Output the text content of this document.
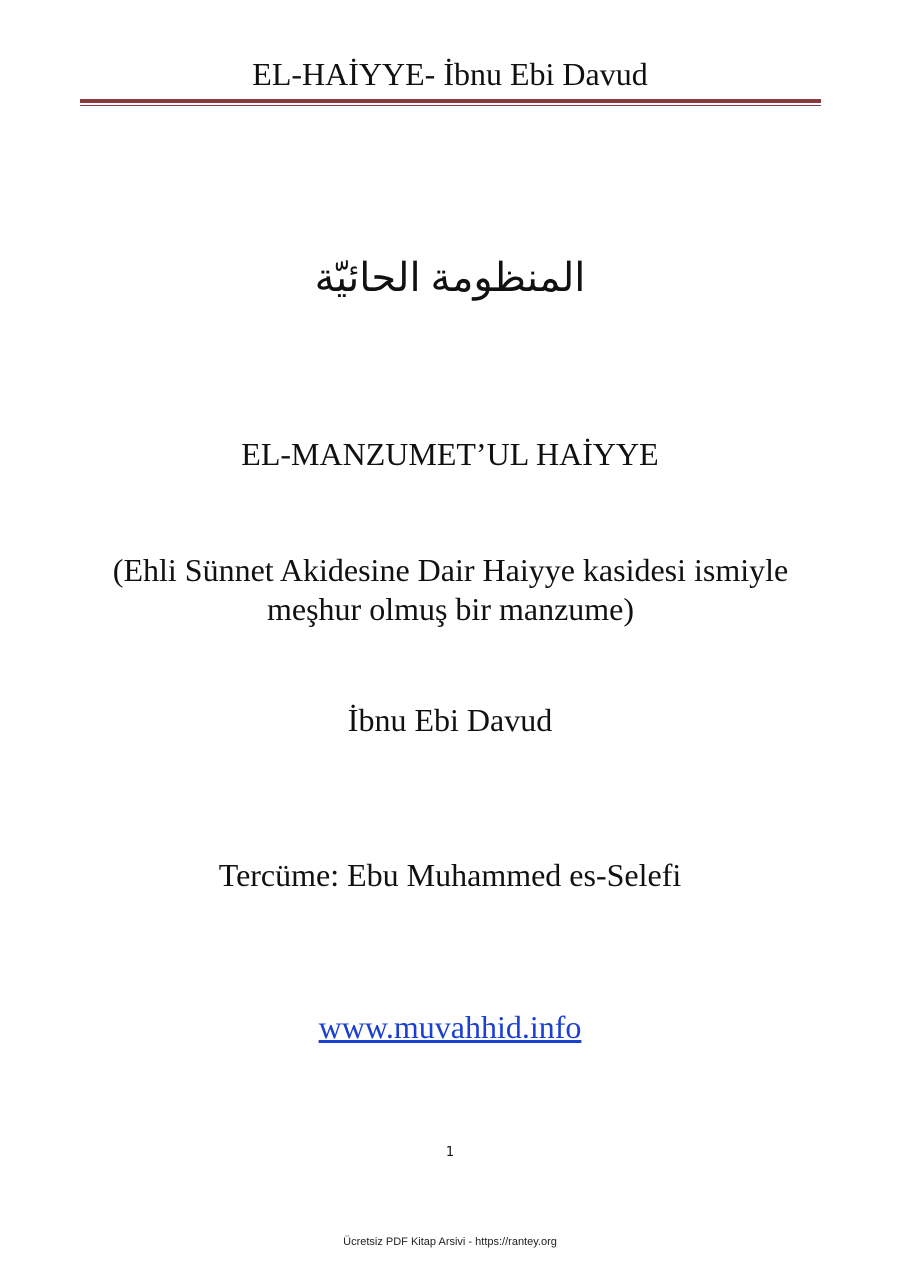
EL-HAİYYE- İbnu Ebi Davud
المنظومة الحائيّة
EL-MANZUMET’UL HAİYYE
(Ehli Sünnet Akidesine Dair Haiyye kasidesi ismiyle
meşhur olmuş bir manzume)
İbnu Ebi Davud
Tercüme: Ebu Muhammed es-Selefi
www.muvahhid.info
1
Ücretsiz PDF Kitap Arsivi - https://rantey.org
